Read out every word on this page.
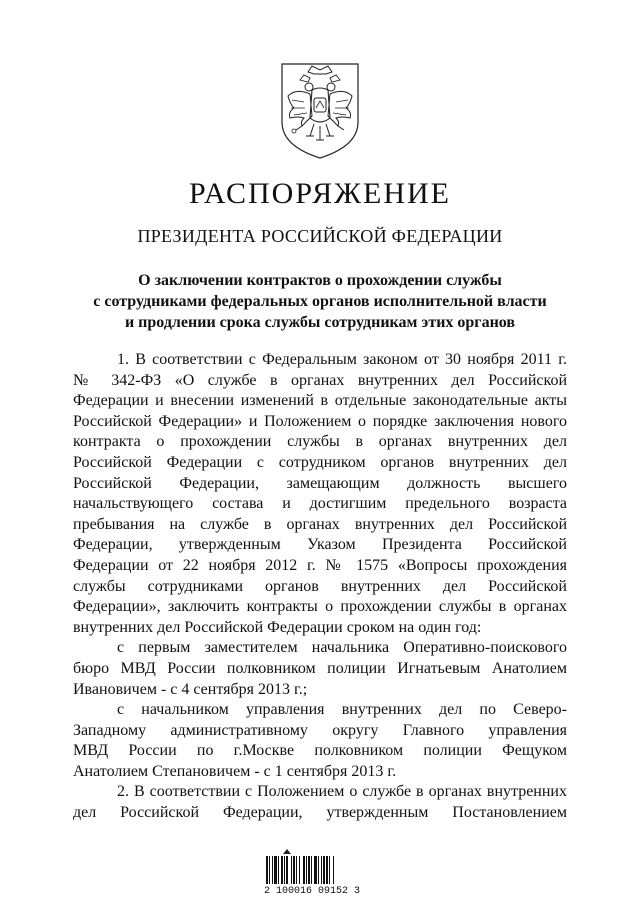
РАСПОРЯЖЕНИЕ
ПРЕЗИДЕНТА РОССИЙСКОЙ ФЕДЕРАЦИИ
О заключении контрактов о прохождении службы
с сотрудниками федеральных органов исполнительной власти
и продлении срока службы сотрудникам этих органов
1. В соответствии с Федеральным законом от 30 ноября 2011 г.
№ 342-ФЗ «О службе в органах внутренних дел Российской
Федерации и внесении изменений в отдельные законодательные акты
Российской Федерации» и Положением о порядке заключения нового
контракта о прохождении службы в органах внутренних дел
Российской Федерации с сотрудником органов внутренних дел
Российской Федерации, замещающим должность высшего
начальствующего состава и достигшим предельного возраста
пребывания на службе в органах внутренних дел Российской
Федерации, утвержденным Указом Президента Российской
Федерации от 22 ноября 2012 г. № 1575 «Вопросы прохождения
службы сотрудниками органов внутренних дел Российской
Федерации», заключить контракты о прохождении службы в органах
внутренних дел Российской Федерации сроком на один год:
с первым заместителем начальника Оперативно-поискового
бюро МВД России полковником полиции Игнатьевым Анатолием
Ивановичем - с 4 сентября 2013 г.;
с начальником управления внутренних дел по Северо-
Западному административному округу Главного управления
МВД России по г.Москве полковником полиции Фещуком
Анатолием Степановичем - с 1 сентября 2013 г.
2. В соответствии с Положением о службе в органах внутренних
дел Российской Федерации, утвержденным Постановлением
2 100016 09152 3
